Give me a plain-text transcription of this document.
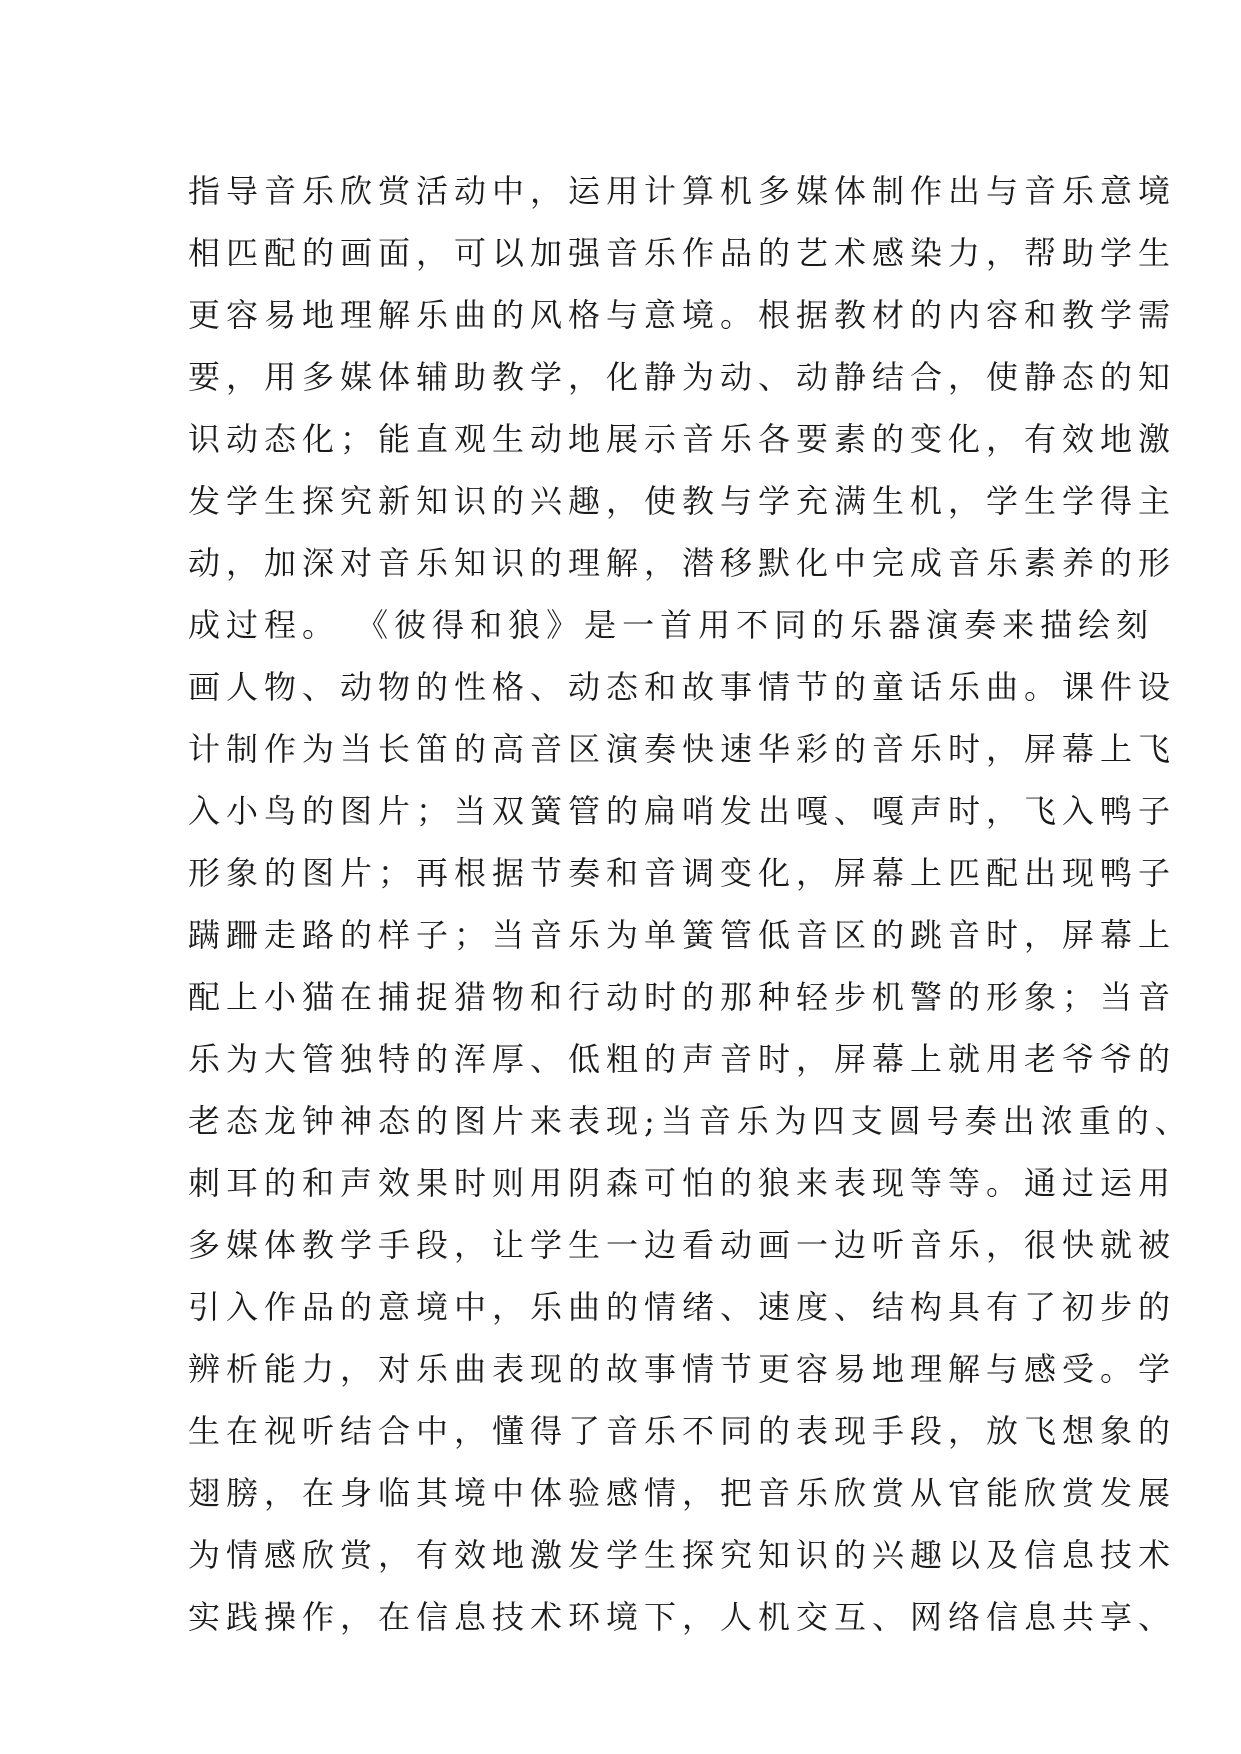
指导音乐欣赏活动中，运用计算机多媒体制作出与音乐意境
相匹配的画面，可以加强音乐作品的艺术感染力，帮助学生
更容易地理解乐曲的风格与意境。根据教材的内容和教学需
要，用多媒体辅助教学，化静为动、动静结合，使静态的知
识动态化；能直观生动地展示音乐各要素的变化，有效地激
发学生探究新知识的兴趣，使教与学充满生机，学生学得主
动，加深对音乐知识的理解，潜移默化中完成音乐素养的形
成过程。 《彼得和狼》是一首用不同的乐器演奏来描绘刻
画人物、动物的性格、动态和故事情节的童话乐曲。课件设
计制作为当长笛的高音区演奏快速华彩的音乐时，屏幕上飞
入小鸟的图片；当双簧管的扁哨发出嘎、嘎声时，飞入鸭子
形象的图片；再根据节奏和音调变化，屏幕上匹配出现鸭子
蹒跚走路的样子；当音乐为单簧管低音区的跳音时，屏幕上
配上小猫在捕捉猎物和行动时的那种轻步机警的形象；当音
乐为大管独特的浑厚、低粗的声音时，屏幕上就用老爷爷的
老态龙钟神态的图片来表现;当音乐为四支圆号奏出浓重的、
刺耳的和声效果时则用阴森可怕的狼来表现等等。通过运用
多媒体教学手段，让学生一边看动画一边听音乐，很快就被
引入作品的意境中，乐曲的情绪、速度、结构具有了初步的
辨析能力，对乐曲表现的故事情节更容易地理解与感受。学
生在视听结合中，懂得了音乐不同的表现手段，放飞想象的
翅膀，在身临其境中体验感情，把音乐欣赏从官能欣赏发展
为情感欣赏，有效地激发学生探究知识的兴趣以及信息技术
实践操作，在信息技术环境下，人机交互、网络信息共享、
